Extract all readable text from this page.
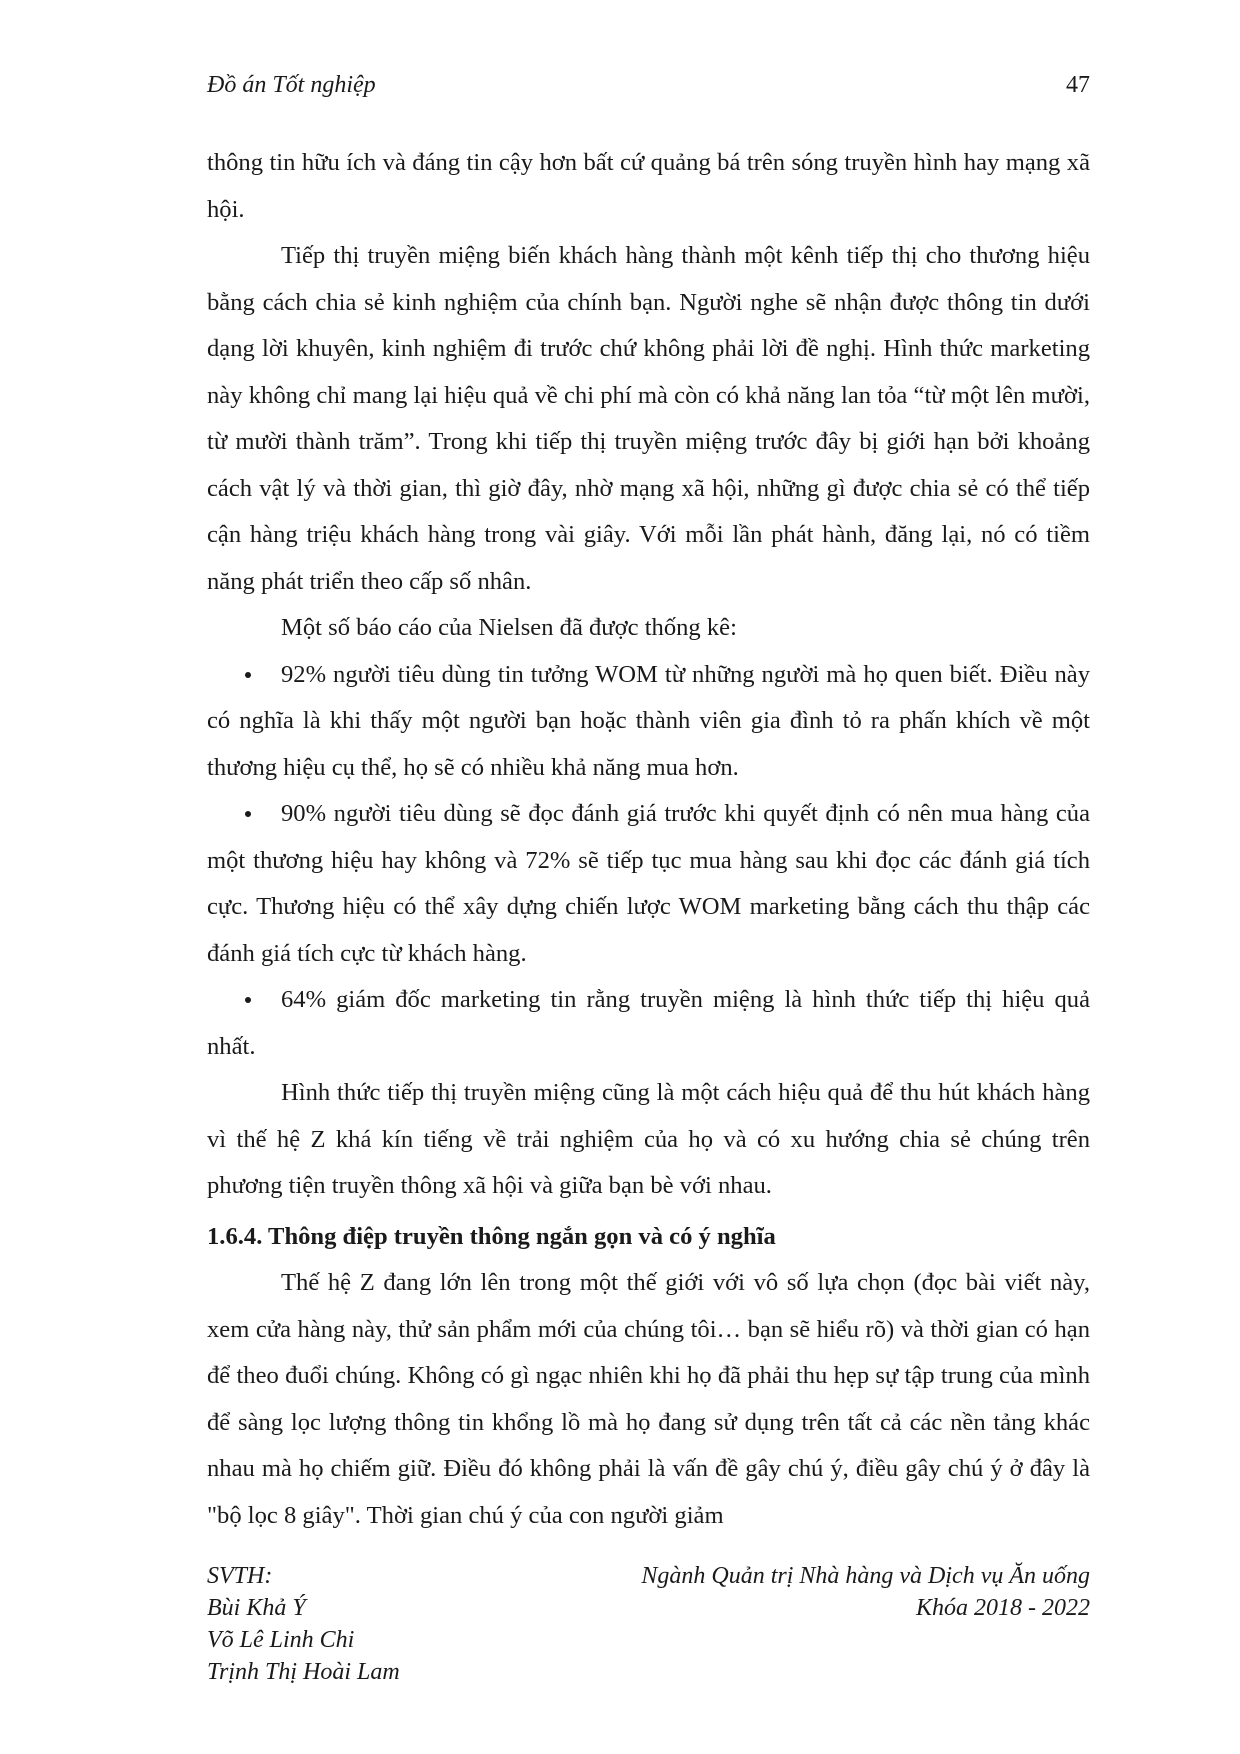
Đồ án Tốt nghiệp	47

thông tin hữu ích và đáng tin cậy hơn bất cứ quảng bá trên sóng truyền hình hay mạng xã hội.

Tiếp thị truyền miệng biến khách hàng thành một kênh tiếp thị cho thương hiệu bằng cách chia sẻ kinh nghiệm của chính bạn. Người nghe sẽ nhận được thông tin dưới dạng lời khuyên, kinh nghiệm đi trước chứ không phải lời đề nghị. Hình thức marketing này không chỉ mang lại hiệu quả về chi phí mà còn có khả năng lan tỏa “từ một lên mười, từ mười thành trăm”. Trong khi tiếp thị truyền miệng trước đây bị giới hạn bởi khoảng cách vật lý và thời gian, thì giờ đây, nhờ mạng xã hội, những gì được chia sẻ có thể tiếp cận hàng triệu khách hàng trong vài giây. Với mỗi lần phát hành, đăng lại, nó có tiềm năng phát triển theo cấp số nhân.

Một số báo cáo của Nielsen đã được thống kê:

92% người tiêu dùng tin tưởng WOM từ những người mà họ quen biết. Điều này có nghĩa là khi thấy một người bạn hoặc thành viên gia đình tỏ ra phấn khích về một thương hiệu cụ thể, họ sẽ có nhiều khả năng mua hơn.

90% người tiêu dùng sẽ đọc đánh giá trước khi quyết định có nên mua hàng của một thương hiệu hay không và 72% sẽ tiếp tục mua hàng sau khi đọc các đánh giá tích cực. Thương hiệu có thể xây dựng chiến lược WOM marketing bằng cách thu thập các đánh giá tích cực từ khách hàng.

64% giám đốc marketing tin rằng truyền miệng là hình thức tiếp thị hiệu quả nhất.

Hình thức tiếp thị truyền miệng cũng là một cách hiệu quả để thu hút khách hàng vì thế hệ Z khá kín tiếng về trải nghiệm của họ và có xu hướng chia sẻ chúng trên phương tiện truyền thông xã hội và giữa bạn bè với nhau.

1.6.4. Thông điệp truyền thông ngắn gọn và có ý nghĩa

Thế hệ Z đang lớn lên trong một thế giới với vô số lựa chọn (đọc bài viết này, xem cửa hàng này, thử sản phẩm mới của chúng tôi… bạn sẽ hiểu rõ) và thời gian có hạn để theo đuổi chúng. Không có gì ngạc nhiên khi họ đã phải thu hẹp sự tập trung của mình để sàng lọc lượng thông tin khổng lồ mà họ đang sử dụng trên tất cả các nền tảng khác nhau mà họ chiếm giữ. Điều đó không phải là vấn đề gây chú ý, điều gây chú ý ở đây là "bộ lọc 8 giây". Thời gian chú ý của con người giảm

SVTH:
Bùi Khả Ý
Võ Lê Linh Chi
Trịnh Thị Hoài Lam
Ngành Quản trị Nhà hàng và Dịch vụ Ăn uống
Khóa 2018 - 2022
